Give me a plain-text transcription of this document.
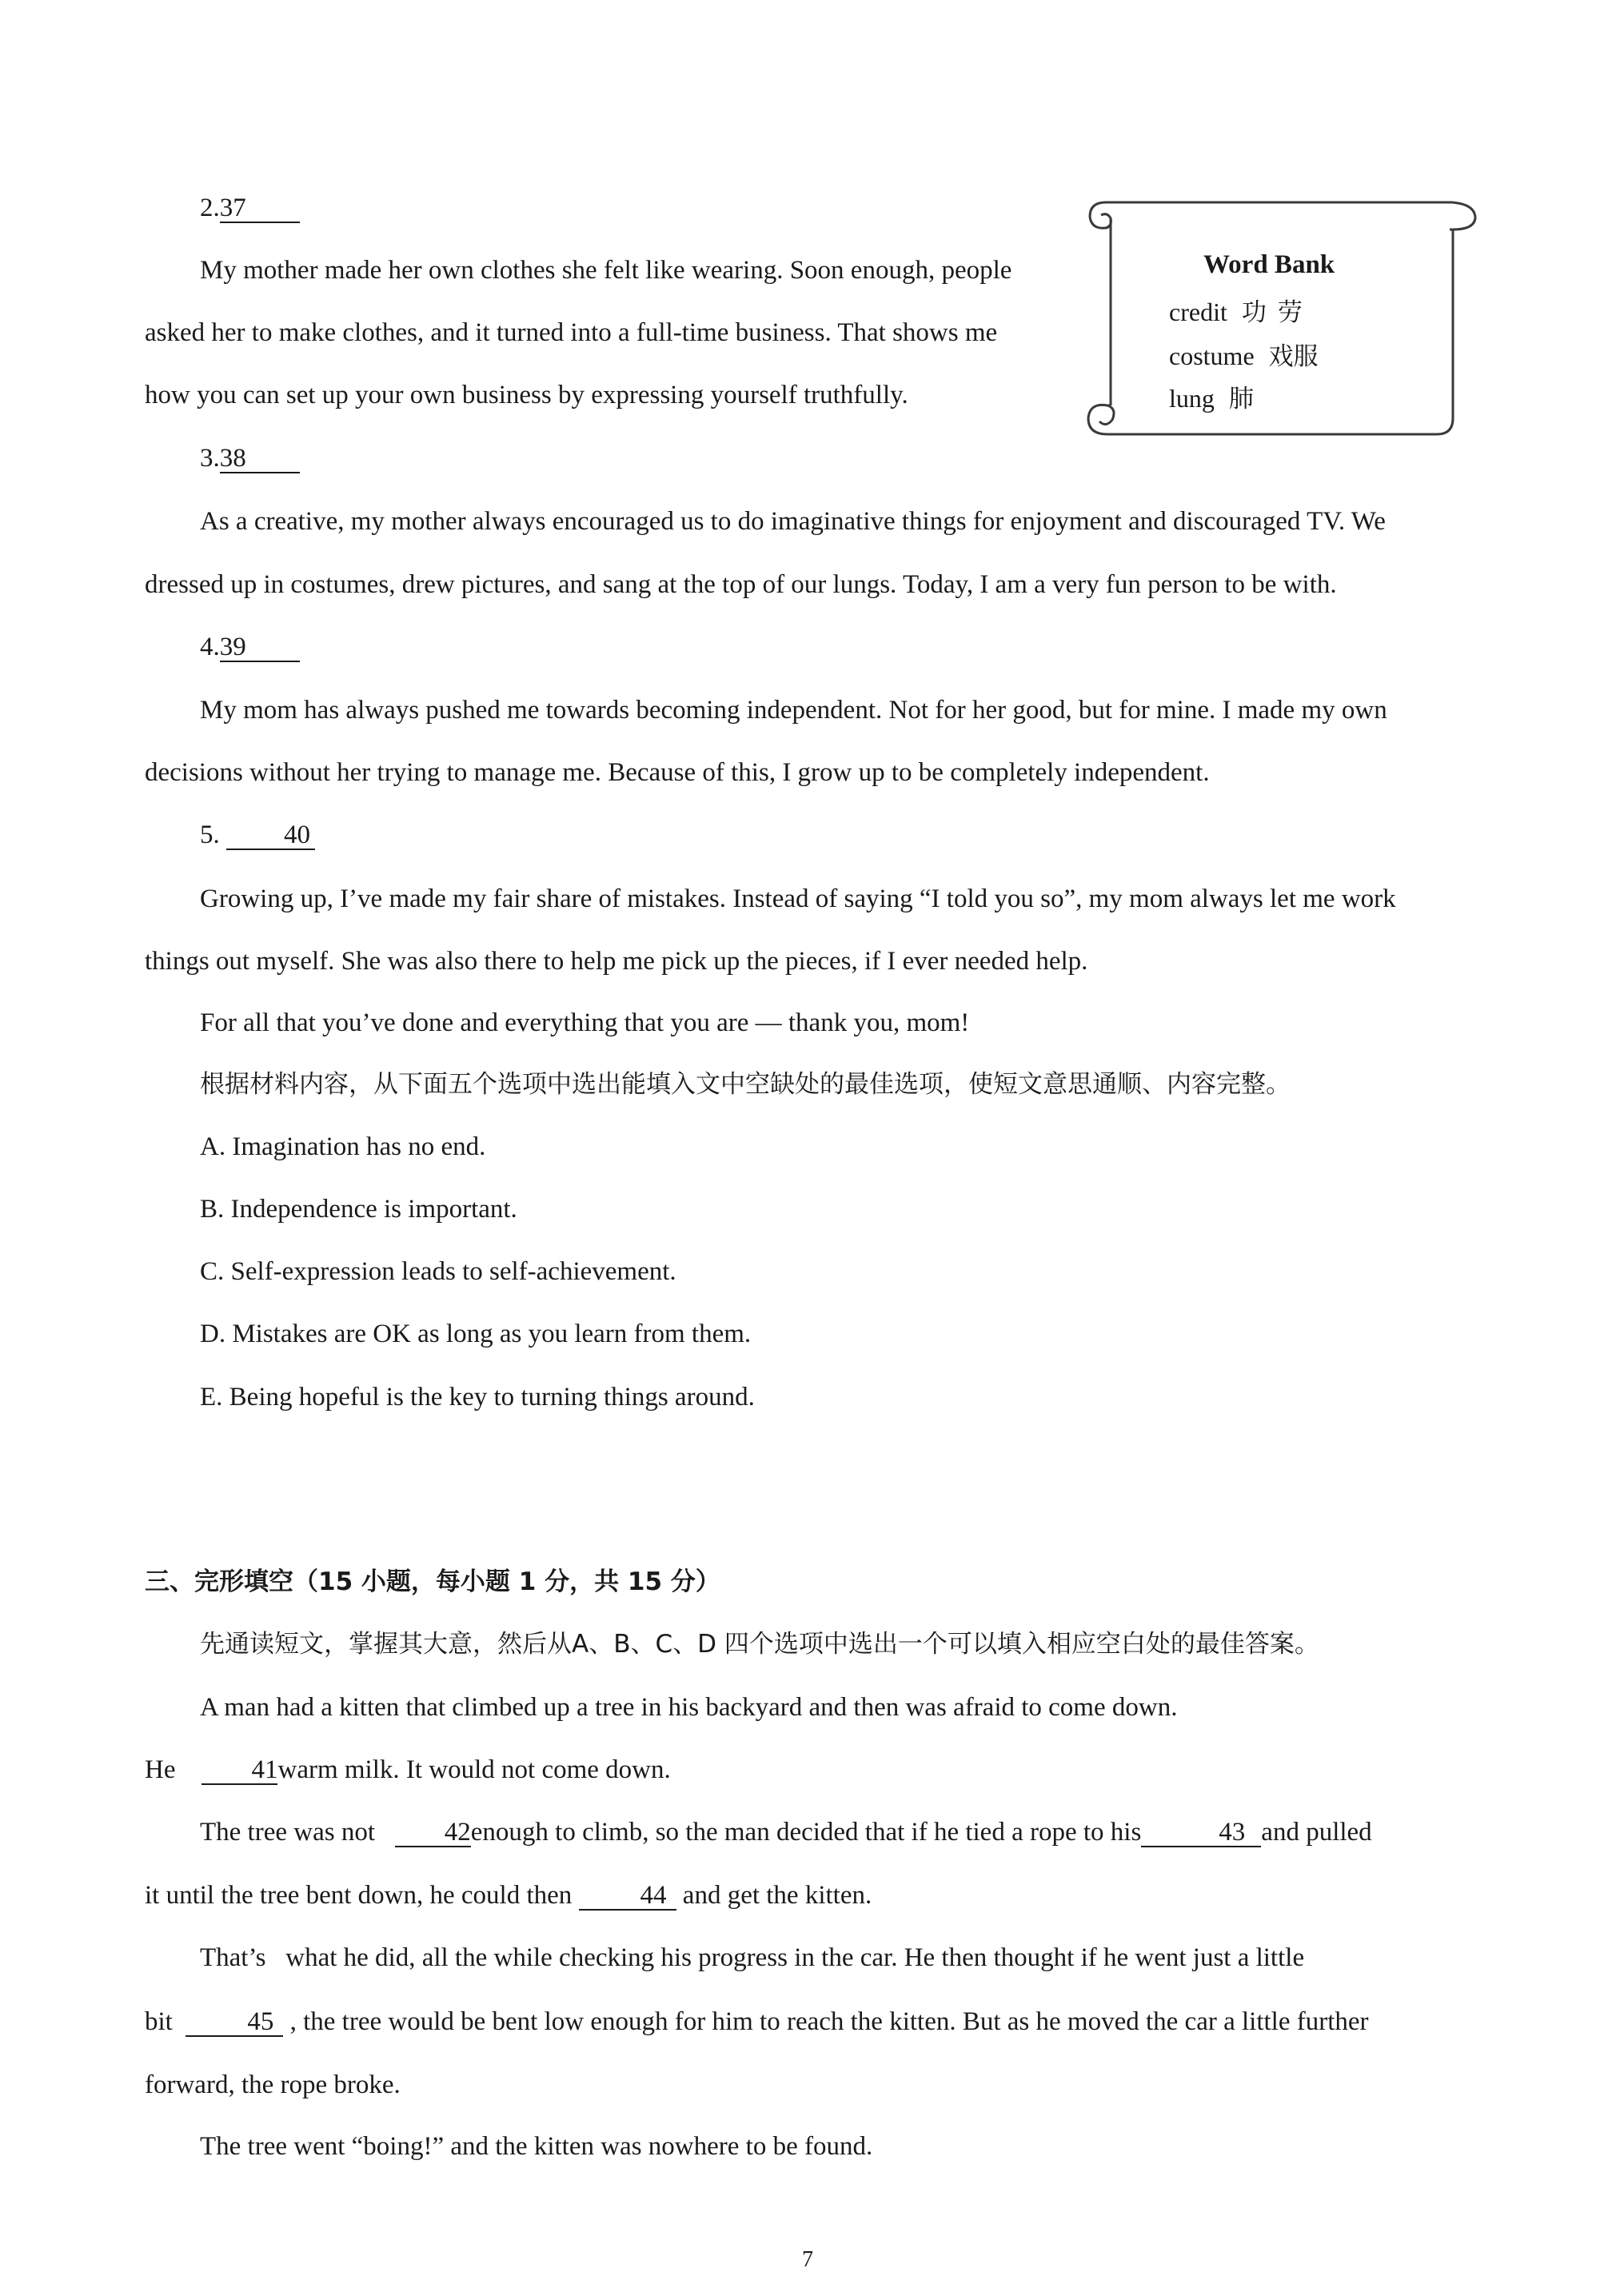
2.37
My mother made her own clothes she felt like wearing. Soon enough, people
asked her to make clothes, and it turned into a full-time business. That shows me
how you can set up your own business by expressing yourself truthfully.
Word Bank
credit 功劳
costume 戏服
lung 肺
3.38
As a creative, my mother always encouraged us to do imaginative things for enjoyment and discouraged TV. We
dressed up in costumes, drew pictures, and sang at the top of our lungs. Today, I am a very fun person to be with.
4.39
My mom has always pushed me towards becoming independent. Not for her good, but for mine. I made my own
decisions without her trying to manage me. Because of this, I grow up to be completely independent.
5. 40
Growing up, I’ve made my fair share of mistakes. Instead of saying “I told you so”, my mom always let me work
things out myself. She was also there to help me pick up the pieces, if I ever needed help.
For all that you’ve done and everything that you are — thank you, mom!
根据材料内容，从下面五个选项中选出能填入文中空缺处的最佳选项，使短文意思通顺、内容完整。
A. Imagination has no end.
B. Independence is important.
C. Self-expression leads to self-achievement.
D. Mistakes are OK as long as you learn from them.
E. Being hopeful is the key to turning things around.
三、完形填空（15 小题，每小题 1 分，共 15 分）
先通读短文，掌握其大意，然后从A、B、C、D 四个选项中选出一个可以填入相应空白处的最佳答案。
A man had a kitten that climbed up a tree in his backyard and then was afraid to come down.
He	41warm milk. It would not come down.
The tree was not	42enough to climb, so the man decided that if he tied a rope to his	43 and pulled
it until the tree bent down, he could then	44 and get the kitten.
That’s   what he did, all the while checking his progress in the car. He then thought if he went just a little
bit	45 , the tree would be bent low enough for him to reach the kitten. But as he moved the car a little further
forward, the rope broke.
The tree went “boing!” and the kitten was nowhere to be found.
7
